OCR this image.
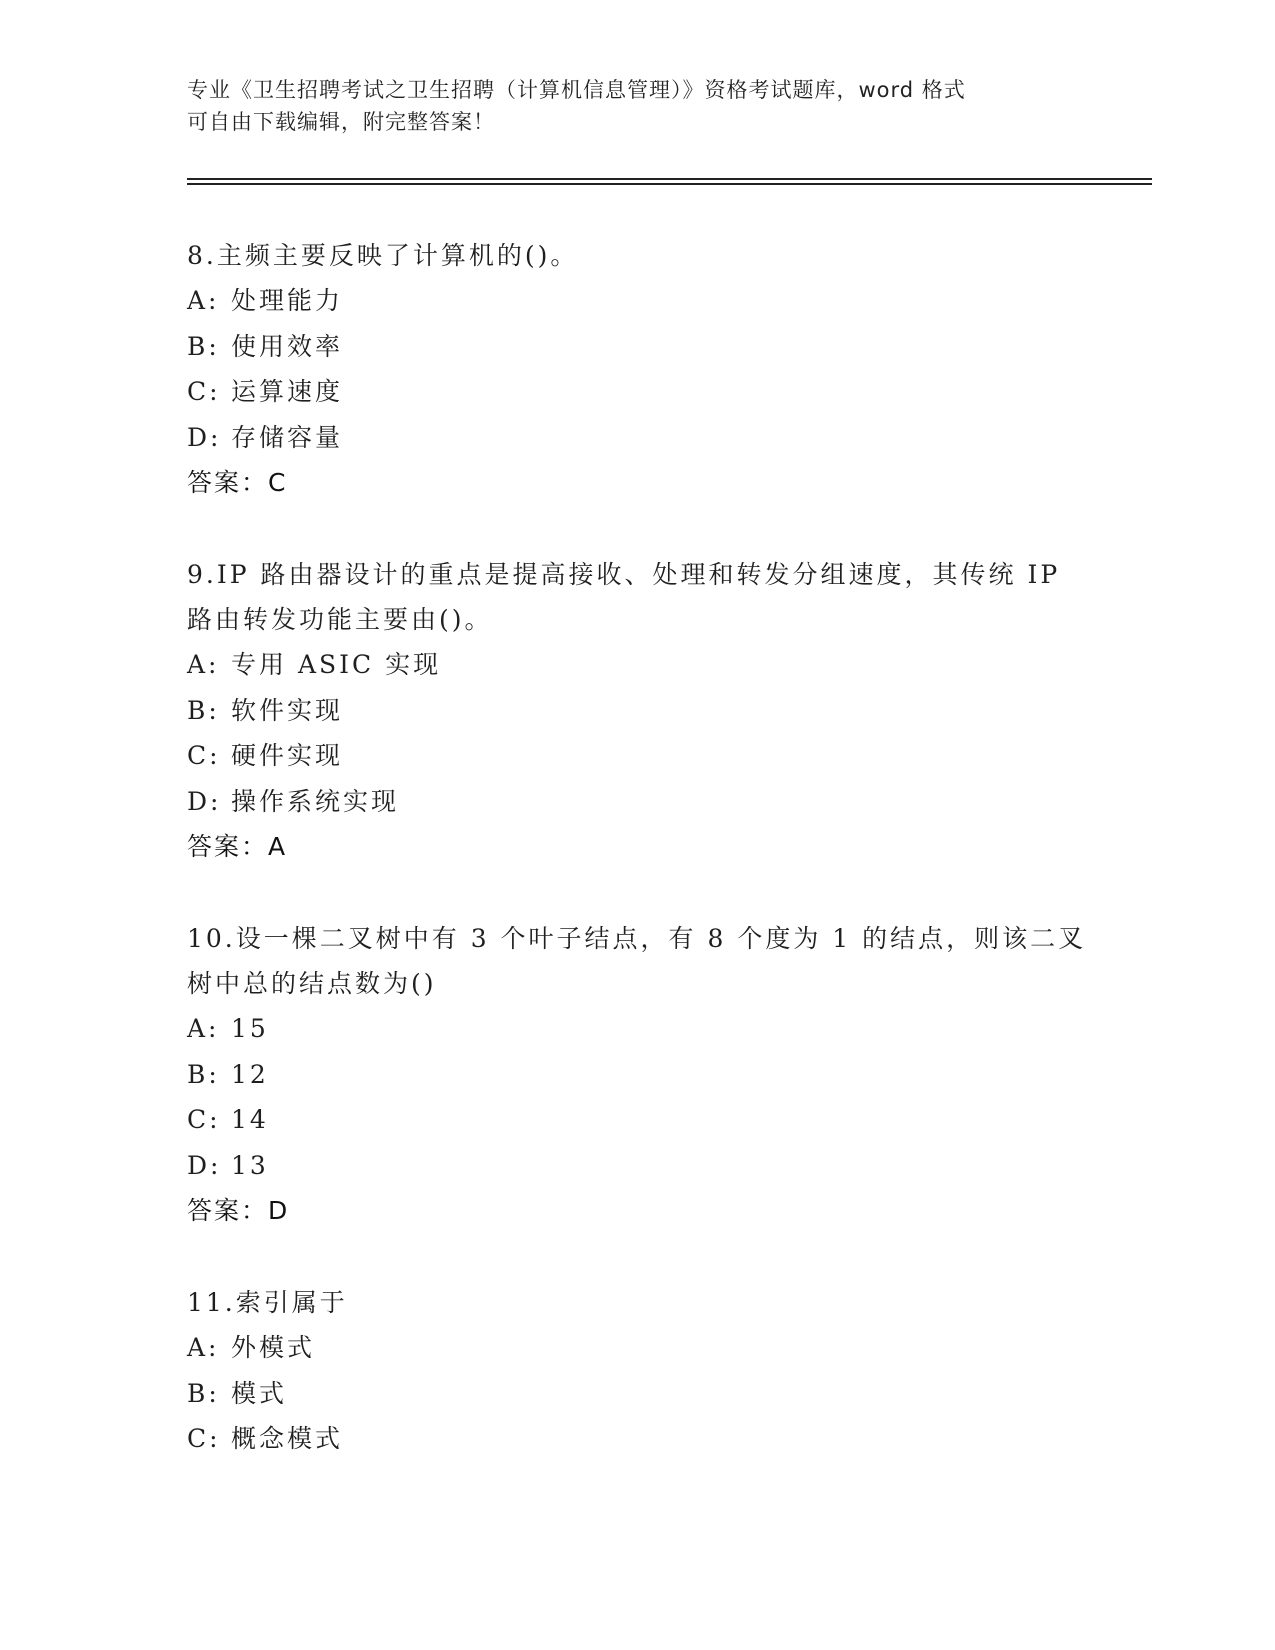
专业《卫生招聘考试之卫生招聘（计算机信息管理）》资格考试题库，word 格式
可自由下载编辑，附完整答案！

8.主频主要反映了计算机的()。

A: 处理能力

B: 使用效率

C: 运算速度

D: 存储容量

答案：C

9.IP 路由器设计的重点是提高接收、处理和转发分组速度，其传统 IP 路由转发功能主要由()。

A: 专用 ASIC 实现

B: 软件实现

C: 硬件实现

D: 操作系统实现

答案：A

10.设一棵二叉树中有 3 个叶子结点，有 8 个度为 1 的结点，则该二叉树中总的结点数为()

A: 15

B: 12

C: 14

D: 13

答案：D

11.索引属于

A: 外模式

B: 模式

C: 概念模式
